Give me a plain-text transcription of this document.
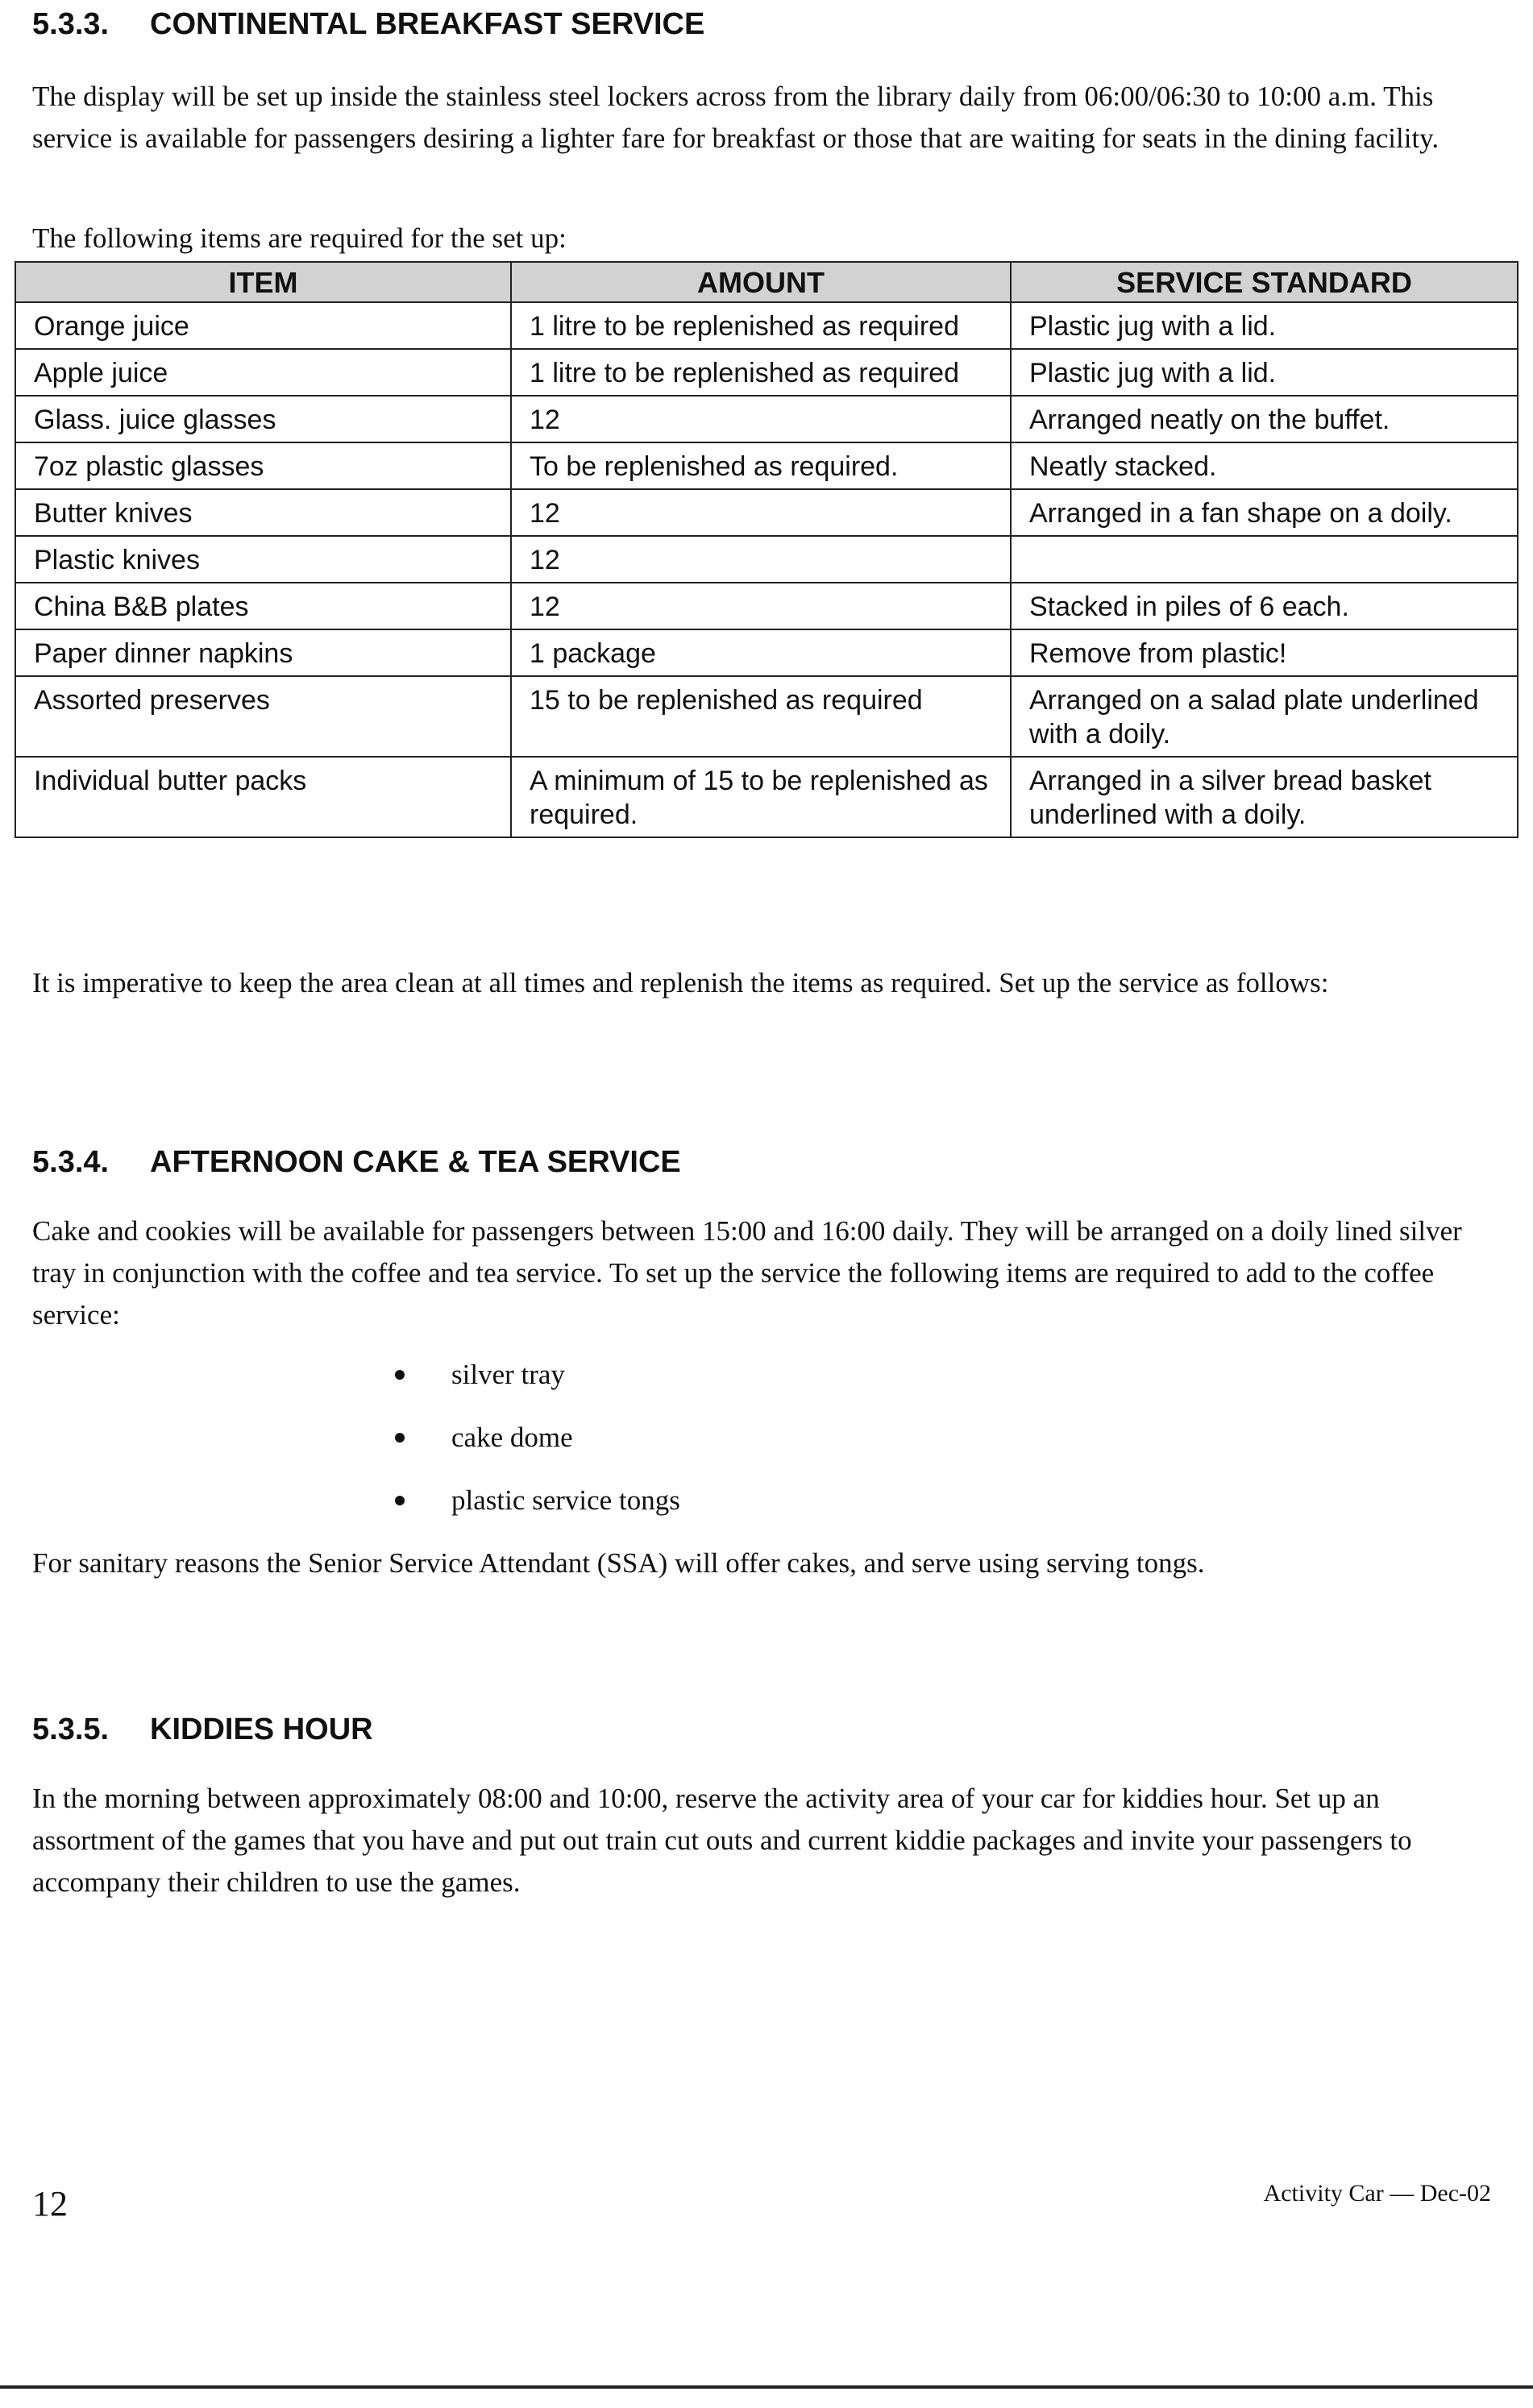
5.3.3. CONTINENTAL BREAKFAST SERVICE

The display will be set up inside the stainless steel lockers across from the library daily from 06:00/06:30 to 10:00 a.m. This service is available for passengers desiring a lighter fare for breakfast or those that are waiting for seats in the dining facility.

The following items are required for the set up:

ITEM	AMOUNT	SERVICE STANDARD
Orange juice	1 litre to be replenished as required	Plastic jug with a lid.
Apple juice	1 litre to be replenished as required	Plastic jug with a lid.
Glass. juice glasses	12	Arranged neatly on the buffet.
7oz plastic glasses	To be replenished as required.	Neatly stacked.
Butter knives	12	Arranged in a fan shape on a doily.
Plastic knives	12	
China B&B plates	12	Stacked in piles of 6 each.
Paper dinner napkins	1 package	Remove from plastic!
Assorted preserves	15 to be replenished as required	Arranged on a salad plate underlined with a doily.
Individual butter packs	A minimum of 15 to be replenished as required.	Arranged in a silver bread basket underlined with a doily.

It is imperative to keep the area clean at all times and replenish the items as required. Set up the service as follows:

5.3.4. AFTERNOON CAKE & TEA SERVICE

Cake and cookies will be available for passengers between 15:00 and 16:00 daily. They will be arranged on a doily lined silver tray in conjunction with the coffee and tea service. To set up the service the following items are required to add to the coffee service:

silver tray
cake dome
plastic service tongs

For sanitary reasons the Senior Service Attendant (SSA) will offer cakes, and serve using serving tongs.

5.3.5. KIDDIES HOUR

In the morning between approximately 08:00 and 10:00, reserve the activity area of your car for kiddies hour. Set up an assortment of the games that you have and put out train cut outs and current kiddie packages and invite your passengers to accompany their children to use the games.

12	Activity Car — Dec-02
